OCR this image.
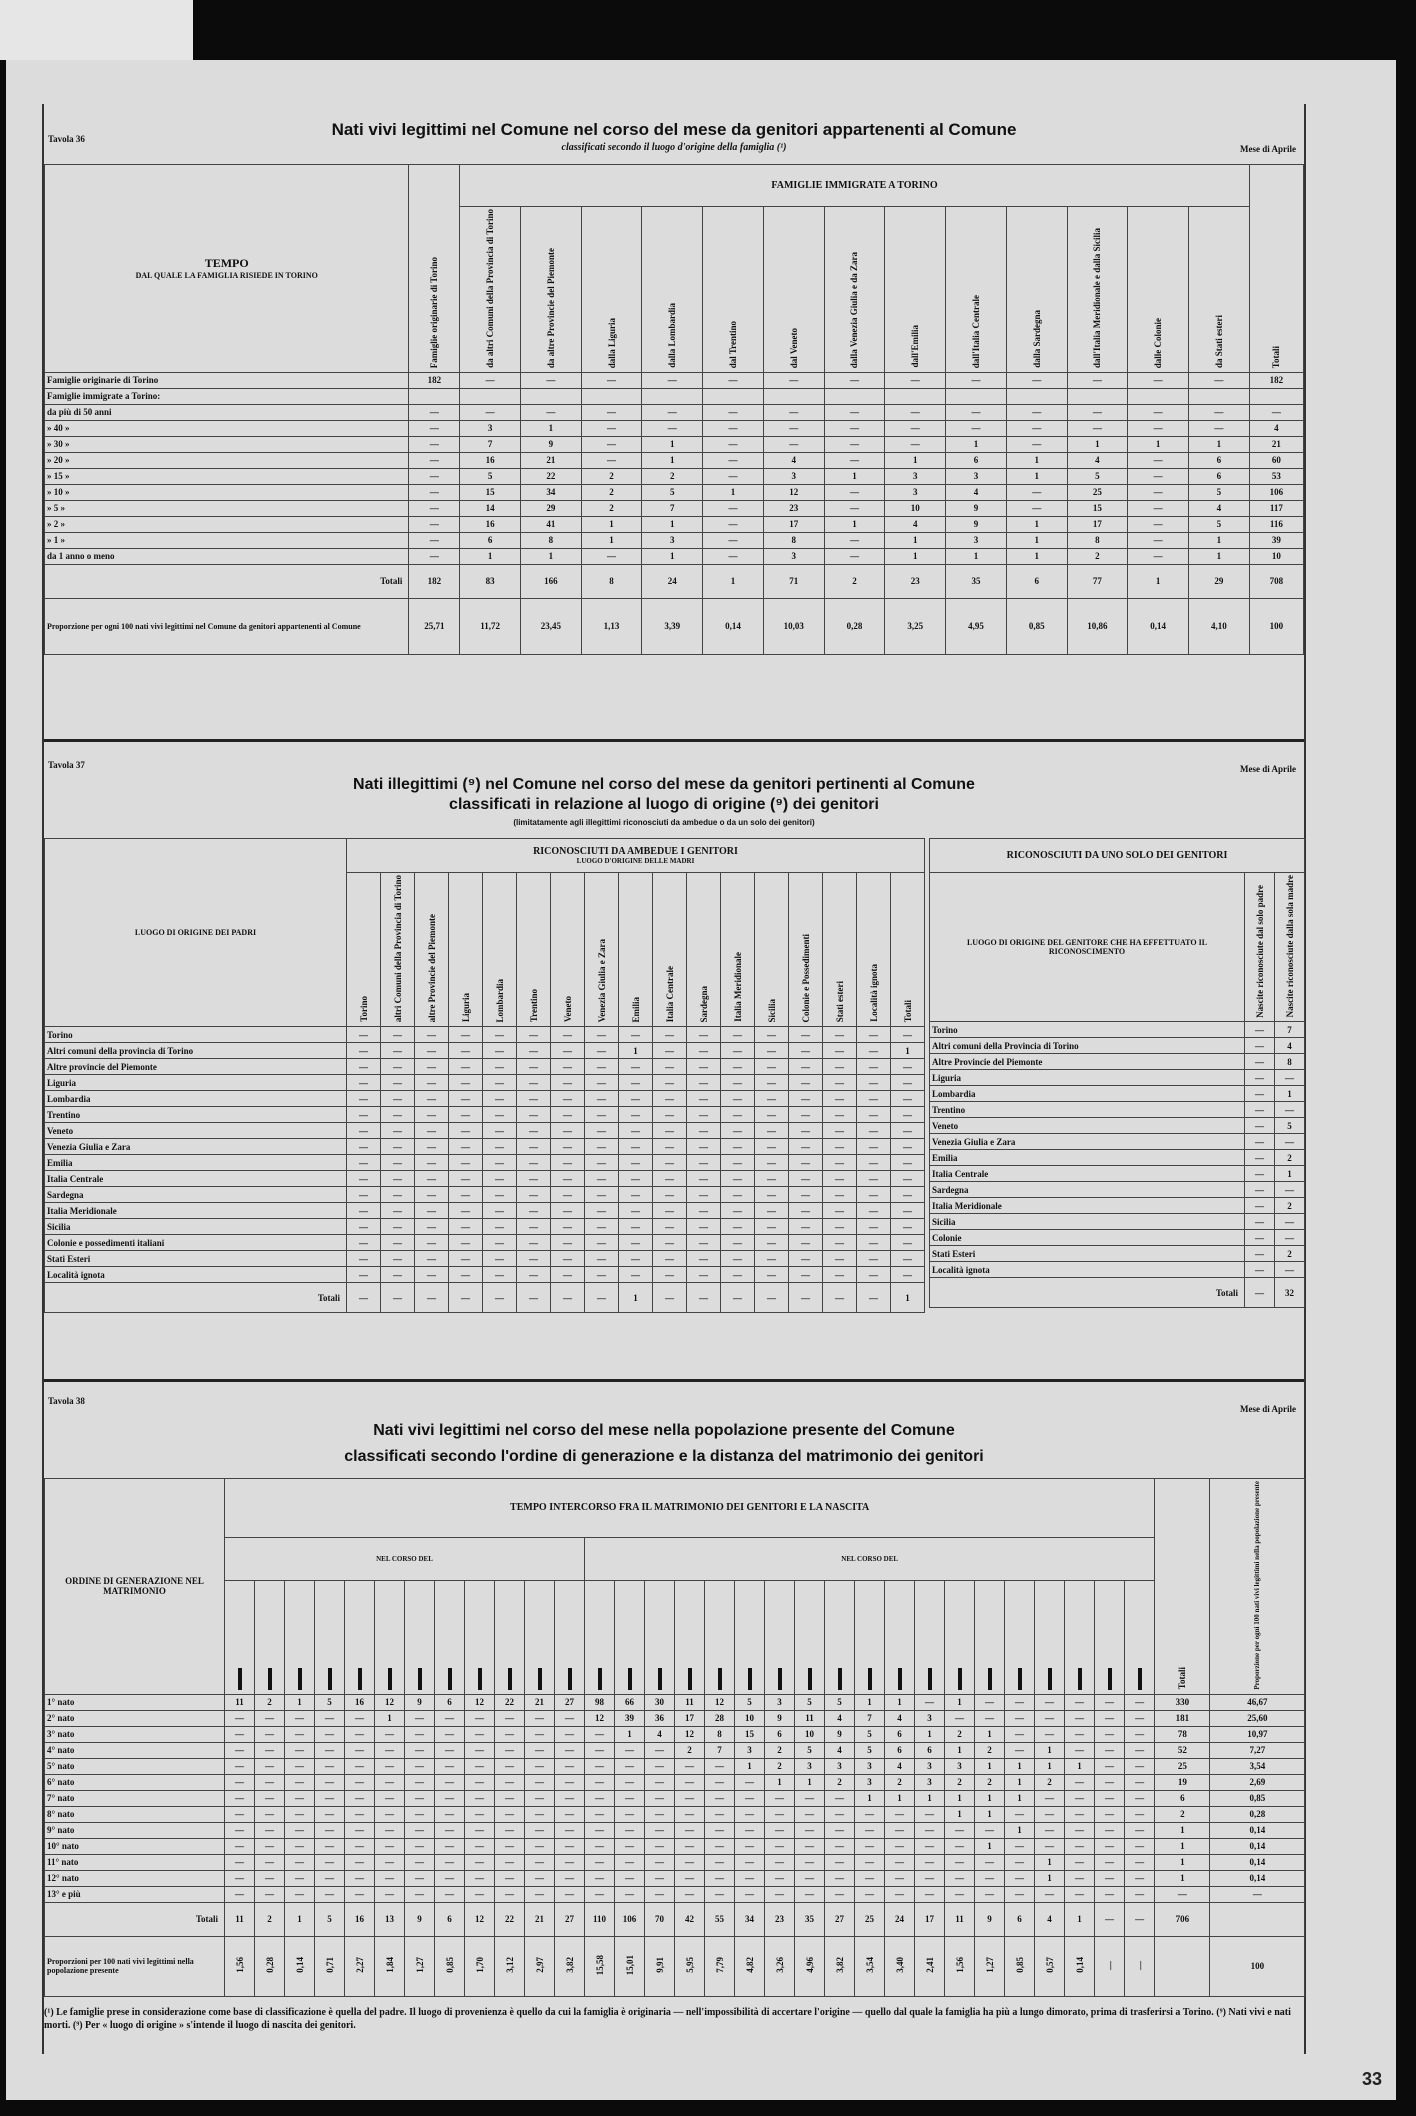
Tavola 36	Nati vivi legittimi nel Comune nel corso del mese da genitori appartenenti al Comune
classificati secondo il luogo d'origine della famiglia (¹)	Mese di Aprile
TEMPO
DAL QUALE LA FAMIGLIA RISIEDE IN TORINO	Famiglie originarie di Torino	FAMIGLIE IMMIGRATE A TORINO													Totali
		da altri Comuni della Provincia di Torino	da altre Provincie del Piemonte	dalla Liguria	dalla Lombardia	dal Trentino	dal Veneto	dalla Venezia Giulia e da Zara	dall'Emilia	dall'Italia Centrale	dalla Sardegna	dall'Italia Meridionale e dalla Sicilia	dalle Colonie	da Stati esteri	
Famiglie originarie di Torino	182	—	—	—	—	—	—	—	—	—	—	—	—	—	182
Famiglie immigrate a Torino:															
da più di 50 anni	—	—	—	—	—	—	—	—	—	—	—	—	—	—	—
» 40 »	—	3	1	—	—	—	—	—	—	—	—	—	—	—	4
» 30 »	—	7	9	—	1	—	—	—	—	1	—	1	1	1	21
» 20 »	—	16	21	—	1	—	4	—	1	6	1	4	—	6	60
» 15 »	—	5	22	2	2	—	3	1	3	3	1	5	—	6	53
» 10 »	—	15	34	2	5	1	12	—	3	4	—	25	—	5	106
» 5 »	—	14	29	2	7	—	23	—	10	9	—	15	—	4	117
» 2 »	—	16	41	1	1	—	17	1	4	9	1	17	—	5	116
» 1 »	—	6	8	1	3	—	8	—	1	3	1	8	—	1	39
da 1 anno o meno	—	1	1	—	1	—	3	—	1	1	1	2	—	1	10
Totali	182	83	166	8	24	1	71	2	23	35	6	77	1	29	708
Proporzione per ogni 100 nati vivi legittimi nel Comune da genitori appartenenti al Comune	25,71	11,72	23,45	1,13	3,39	0,14	10,03	0,28	3,25	4,95	0,85	10,86	0,14	4,10	100
Tavola 37	Mese di Aprile
Nati illegittimi (⁹) nel Comune nel corso del mese da genitori pertinenti al Comune
classificati in relazione al luogo di origine (⁹) dei genitori
(limitatamente agli illegittimi riconosciuti da ambedue o da un solo dei genitori)
LUOGO DI ORIGINE DEI PADRI	RICONOSCIUTI DA AMBEDUE I GENITORI
LUOGO D'ORIGINE DELLE MADRI																

	Torino	altri Comuni della Provincia di Torino	altre Provincie del Piemonte	Liguria	Lombardia	Trentino	Veneto	Venezia Giulia e Zara	Emilia	Italia Centrale	Sardegna	Italia Meridionale	Sicilia	Colonie e Possedimenti	Stati esteri	Località ignota	Totali
Torino	—	—	—	—	—	—	—	—	—	—	—	—	—	—	—	—	—
Altri comuni della provincia di Torino	—	—	—	—	—	—	—	—	1	—	—	—	—	—	—	—	1
Altre provincie del Piemonte	—	—	—	—	—	—	—	—	—	—	—	—	—	—	—	—	—
Liguria	—	—	—	—	—	—	—	—	—	—	—	—	—	—	—	—	—
Lombardia	—	—	—	—	—	—	—	—	—	—	—	—	—	—	—	—	—
Trentino	—	—	—	—	—	—	—	—	—	—	—	—	—	—	—	—	—
Veneto	—	—	—	—	—	—	—	—	—	—	—	—	—	—	—	—	—
Venezia Giulia e Zara	—	—	—	—	—	—	—	—	—	—	—	—	—	—	—	—	—
Emilia	—	—	—	—	—	—	—	—	—	—	—	—	—	—	—	—	—
Italia Centrale	—	—	—	—	—	—	—	—	—	—	—	—	—	—	—	—	—
Sardegna	—	—	—	—	—	—	—	—	—	—	—	—	—	—	—	—	—
Italia Meridionale	—	—	—	—	—	—	—	—	—	—	—	—	—	—	—	—	—
Sicilia	—	—	—	—	—	—	—	—	—	—	—	—	—	—	—	—	—
Colonie e possedimenti italiani	—	—	—	—	—	—	—	—	—	—	—	—	—	—	—	—	—
Stati Esteri	—	—	—	—	—	—	—	—	—	—	—	—	—	—	—	—	—
Località ignota	—	—	—	—	—	—	—	—	—	—	—	—	—	—	—	—	—
Totali	—	—	—	—	—	—	—	—	1	—	—	—	—	—	—	—	1
RICONOSCIUTI DA UNO SOLO DEI GENITORI		
LUOGO DI ORIGINE DEL GENITORE CHE HA EFFETTUATO IL RICONOSCIMENTO	Nascite riconosciute dal solo padre	Nascite riconosciute dalla sola madre
Torino	—	7
Altri comuni della Provincia di Torino	—	4
Altre Provincie del Piemonte	—	8
Liguria	—	—
Lombardia	—	1
Trentino	—	—
Veneto	—	5
Venezia Giulia e Zara	—	—
Emilia	—	2
Italia Centrale	—	1
Sardegna	—	—
Italia Meridionale	—	2
Sicilia	—	—
Colonie	—	—
Stati Esteri	—	2
Località ignota	—	—
Totali	—	32
Tavola 38
Mese di Aprile
Nati vivi legittimi nel corso del mese nella popolazione presente del Comune
classificati secondo l'ordine di generazione e la distanza del matrimonio dei genitori
ORDINE DI GENERAZIONE NEL MATRIMONIO	TEMPO INTERCORSO FRA IL MATRIMONIO DEI GENITORI E LA NASCITA																															Totali	Proporzione per ogni 100 nati vivi legittimi nella popolazione presente
	NEL CORSO DEL												NEL CORSO DEL																				

1° nato	11	2	1	5	16	12	9	6	12	22	21	27	98	66	30	11	12	5	3	5	5	1	1	—	1	—	—	—	—	—	—	330	46,67
2° nato	—	—	—	—	—	1	—	—	—	—	—	—	12	39	36	17	28	10	9	11	4	7	4	3	—	—	—	—	—	—	—	181	25,60
3° nato	—	—	—	—	—	—	—	—	—	—	—	—	—	1	4	12	8	15	6	10	9	5	6	1	2	1	—	—	—	—	—	78	10,97
4° nato	—	—	—	—	—	—	—	—	—	—	—	—	—	—	—	2	7	3	2	5	4	5	6	6	1	2	—	1	—	—	—	52	7,27
5° nato	—	—	—	—	—	—	—	—	—	—	—	—	—	—	—	—	—	1	2	3	3	3	4	3	3	1	1	1	1	—	—	25	3,54
6° nato	—	—	—	—	—	—	—	—	—	—	—	—	—	—	—	—	—	—	1	1	2	3	2	3	2	2	1	2	—	—	—	19	2,69
7° nato	—	—	—	—	—	—	—	—	—	—	—	—	—	—	—	—	—	—	—	—	—	1	1	1	1	1	1	—	—	—	—	6	0,85
8° nato	—	—	—	—	—	—	—	—	—	—	—	—	—	—	—	—	—	—	—	—	—	—	—	—	1	1	—	—	—	—	—	2	0,28
9° nato	—	—	—	—	—	—	—	—	—	—	—	—	—	—	—	—	—	—	—	—	—	—	—	—	—	—	1	—	—	—	—	1	0,14
10° nato	—	—	—	—	—	—	—	—	—	—	—	—	—	—	—	—	—	—	—	—	—	—	—	—	—	1	—	—	—	—	—	1	0,14
11° nato	—	—	—	—	—	—	—	—	—	—	—	—	—	—	—	—	—	—	—	—	—	—	—	—	—	—	—	1	—	—	—	1	0,14
12° nato	—	—	—	—	—	—	—	—	—	—	—	—	—	—	—	—	—	—	—	—	—	—	—	—	—	—	—	1	—	—	—	1	0,14
13° e più	—	—	—	—	—	—	—	—	—	—	—	—	—	—	—	—	—	—	—	—	—	—	—	—	—	—	—	—	—	—	—	—	—
Totali	11	2	1	5	16	13	9	6	12	22	21	27	110	106	70	42	55	34	23	35	27	25	24	17	11	9	6	4	1	—	—	706	
Proporzioni per 100 nati vivi legittimi nella popolazione presente	1,56	0,28	0,14	0,71	2,27	1,84	1,27	0,85	1,70	3,12	2,97	3,82	15,58	15,01	9,91	5,95	7,79	4,82	3,26	4,96	3,82	3,54	3,40	2,41	1,56	1,27	0,85	0,57	0,14	—	—		100
(¹) Le famiglie prese in considerazione come base di classificazione è quella del padre. Il luogo di provenienza è quello da cui la famiglia è originaria — nell'impossibilità di accertare l'origine — quello dal quale la famiglia ha più a lungo dimorato, prima di trasferirsi a Torino. (⁹) Nati vivi e nati morti. (⁹) Per « luogo di origine » s'intende il luogo di nascita dei genitori.
33
